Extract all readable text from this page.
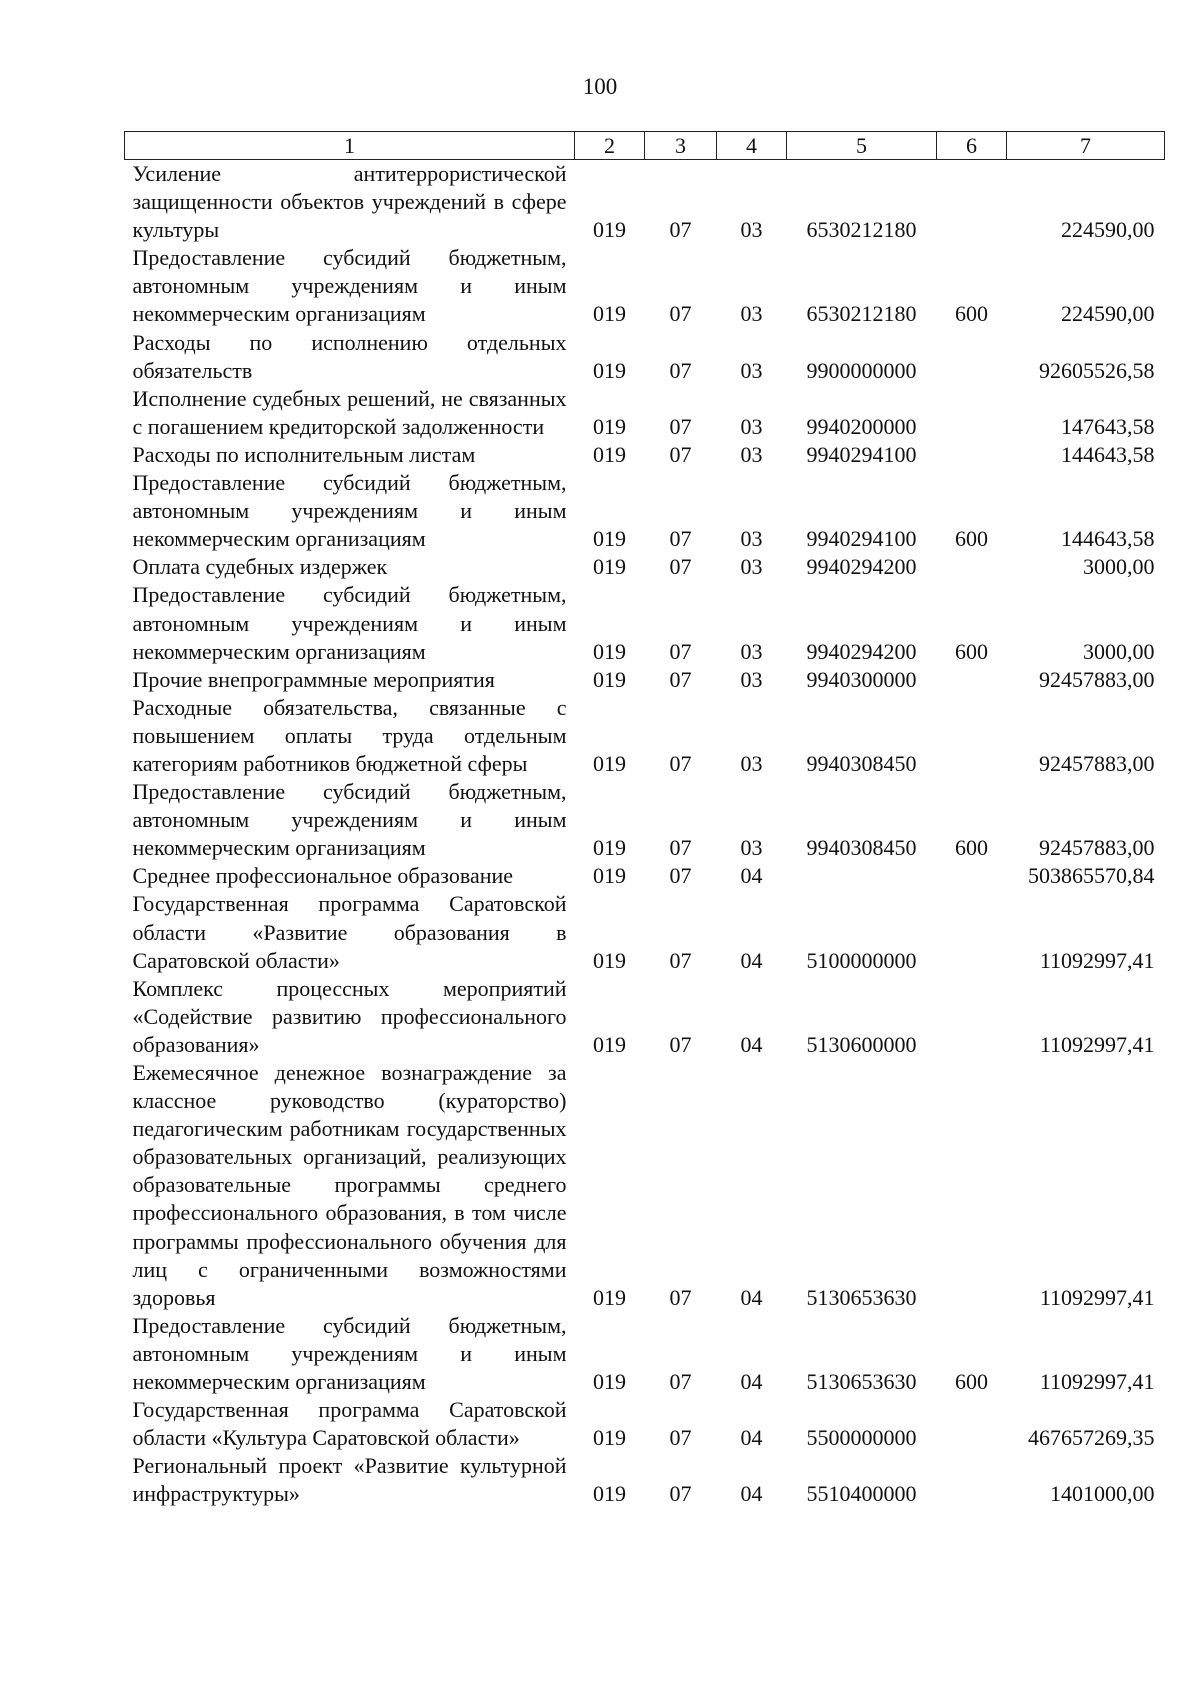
100
1	2	3	4	5	6	7
Усиление антитеррористической защищенности объектов учреждений в сфере культуры	019	07	03	6530212180		224590,00
Предоставление субсидий бюджетным, автономным учреждениям и иным некоммерческим организациям	019	07	03	6530212180	600	224590,00
Расходы по исполнению отдельных обязательств	019	07	03	9900000000		92605526,58
Исполнение судебных решений, не связанных с погашением кредиторской задолженности	019	07	03	9940200000		147643,58
Расходы по исполнительным листам	019	07	03	9940294100		144643,58
Предоставление субсидий бюджетным, автономным учреждениям и иным некоммерческим организациям	019	07	03	9940294100	600	144643,58
Оплата судебных издержек	019	07	03	9940294200		3000,00
Предоставление субсидий бюджетным, автономным учреждениям и иным некоммерческим организациям	019	07	03	9940294200	600	3000,00
Прочие внепрограммные мероприятия	019	07	03	9940300000		92457883,00
Расходные обязательства, связанные с повышением оплаты труда отдельным категориям работников бюджетной сферы	019	07	03	9940308450		92457883,00
Предоставление субсидий бюджетным, автономным учреждениям и иным некоммерческим организациям	019	07	03	9940308450	600	92457883,00
Среднее профессиональное образование	019	07	04			503865570,84
Государственная программа Саратовской области «Развитие образования в Саратовской области»	019	07	04	5100000000		11092997,41
Комплекс процессных мероприятий «Содействие развитию профессионального образования»	019	07	04	5130600000		11092997,41
Ежемесячное денежное вознаграждение за классное руководство (кураторство) педагогическим работникам государственных образовательных организаций, реализующих образовательные программы среднего профессионального образования, в том числе программы профессионального обучения для лиц с ограниченными возможностями здоровья	019	07	04	5130653630		11092997,41
Предоставление субсидий бюджетным, автономным учреждениям и иным некоммерческим организациям	019	07	04	5130653630	600	11092997,41
Государственная программа Саратовской области «Культура Саратовской области»	019	07	04	5500000000		467657269,35
Региональный проект «Развитие культурной инфраструктуры»	019	07	04	5510400000		1401000,00
